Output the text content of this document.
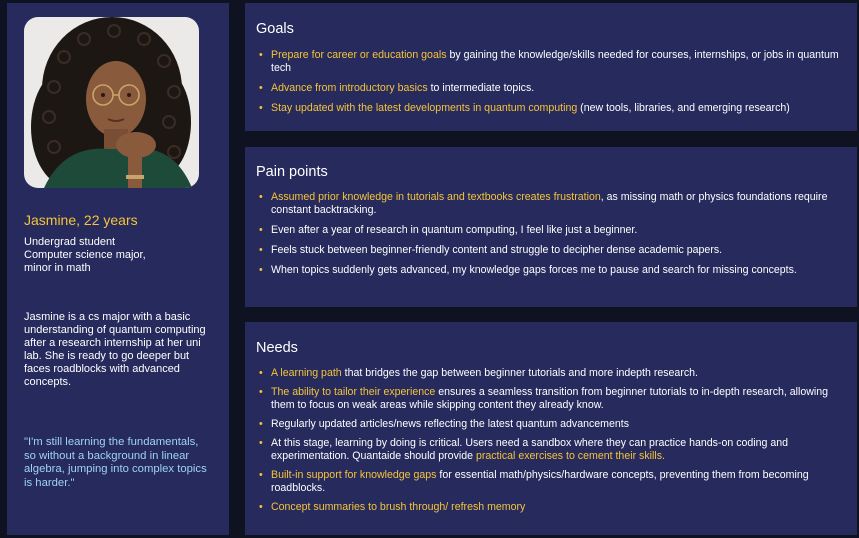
Jasmine, 22 years
Undergrad student
Computer science major,
minor in math
Jasmine is a cs major with a basic understanding of quantum computing after a research internship at her uni lab. She is ready to go deeper but faces roadblocks with advanced concepts.
"I'm still learning the fundamentals, so without a background in linear algebra, jumping into complex topics is harder."
Goals
• Prepare for career or education goals by gaining the knowledge/skills needed for courses, internships, or jobs in quantum tech
• Advance from introductory basics to intermediate topics.
• Stay updated with the latest developments in quantum computing (new tools, libraries, and emerging research)
Pain points
• Assumed prior knowledge in tutorials and textbooks creates frustration, as missing math or physics foundations require constant backtracking.
• Even after a year of research in quantum computing, I feel like just a beginner.
• Feels stuck between beginner-friendly content and struggle to decipher dense academic papers.
• When topics suddenly gets advanced, my knowledge gaps forces me to pause and search for missing concepts.
Needs
• A learning path that bridges the gap between beginner tutorials and more indepth research.
• The ability to tailor their experience ensures a seamless transition from beginner tutorials to in-depth research, allowing them to focus on weak areas while skipping content they already know.
• Regularly updated articles/news reflecting the latest quantum advancements
• At this stage, learning by doing is critical. Users need a sandbox where they can practice hands-on coding and experimentation. Quantaide should provide practical exercises to cement their skills.
• Built-in support for knowledge gaps for essential math/physics/hardware concepts, preventing them from becoming roadblocks.
• Concept summaries to brush through/ refresh memory
